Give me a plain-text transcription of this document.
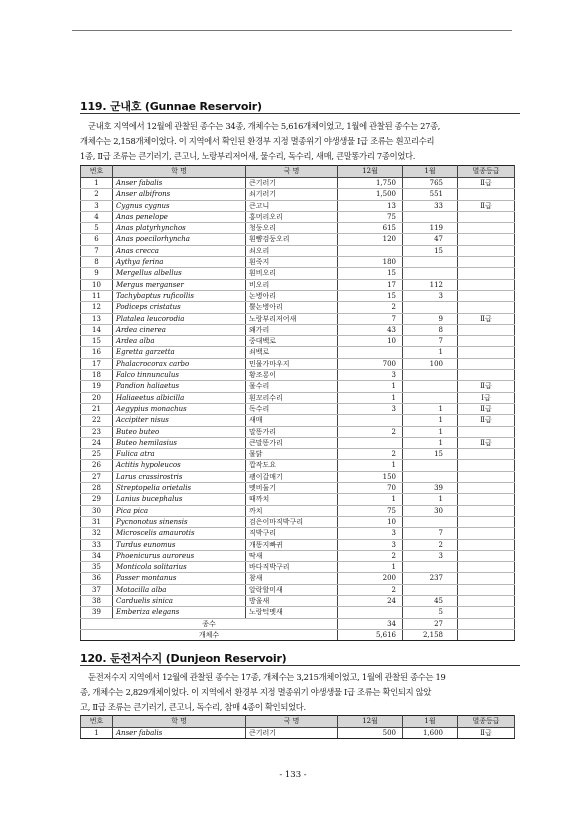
119. 군내호 (Gunnae Reservoir)
군내호 지역에서 12월에 관찰된 종수는 34종, 개체수는 5,616개체이었고, 1월에 관찰된 종수는 27종,
개체수는 2,158개체이었다. 이 지역에서 확인된 환경부 지정 멸종위기 야생생물 Ⅰ급 조류는 흰꼬리수리
1종, Ⅱ급 조류는 큰기러기, 큰고니, 노랑부리저어새, 물수리, 독수리, 새매, 큰말똥가리 7종이었다.
번호	학 명	국 명	12월	1월	멸종등급
1	Anser fabalis	큰기러기	1,750	765	Ⅱ급
2	Anser albifrons	쇠기러기	1,500	551	
3	Cygnus cygnus	큰고니	13	33	Ⅱ급
4	Anas penelope	홍머리오리	75		
5	Anas platyrhynchos	청둥오리	615	119	
6	Anas poecilorhyncha	흰뺨검둥오리	120	47	
7	Anas crecca	쇠오리		15	
8	Aythya ferina	흰죽지	180		
9	Mergellus albellus	흰비오리	15		
10	Mergus merganser	비오리	17	112	
11	Tachybaptus ruficollis	논병아리	15	3	
12	Podiceps cristatus	뿔논병아리	2		
13	Platalea leucorodia	노랑부리저어새	7	9	Ⅱ급
14	Ardea cinerea	왜가리	43	8	
15	Ardea alba	중대백로	10	7	
16	Egretta garzetta	쇠백로		1	
17	Phalacrocorax carbo	민물가마우지	700	100	
18	Falco tinnunculus	황조롱이	3		
19	Pandion haliaetus	물수리	1		Ⅱ급
20	Haliaeetus albicilla	흰꼬리수리	1		Ⅰ급
21	Aegypius monachus	독수리	3	1	Ⅱ급
22	Accipiter nisus	새매		1	Ⅱ급
23	Buteo buteo	말똥가리	2	1	
24	Buteo hemilasius	큰말똥가리		1	Ⅱ급
25	Fulica atra	물닭	2	15	
26	Actitis hypoleucos	깝작도요	1		
27	Larus crassirostris	괭이갈매기	150		
28	Streptopelia orietalis	멧비둘기	70	39	
29	Lanius bucephalus	때까치	1	1	
30	Pica pica	까치	75	30	
31	Pycnonotus sinensis	검은이마직박구리	10		
32	Microscelis amaurotis	직박구리	3	7	
33	Turdus eunomus	개똥지빠귀	3	2	
34	Phoenicurus auroreus	딱새	2	3	
35	Monticola solitarius	바다직박구리	1		
36	Passer montanus	참새	200	237	
37	Motacilla alba	알락할미새	2		
38	Carduelis sinica	방울새	24	45	
39	Emberiza elegans	노랑턱멧새		5	
종수			34	27	
개체수			5,616	2,158	
120. 둔전저수지 (Dunjeon Reservoir)
둔전저수지 지역에서 12월에 관찰된 종수는 17종, 개체수는 3,215개체이었고, 1월에 관찰된 종수는 19
종, 개체수는 2,829개체이었다. 이 지역에서 환경부 지정 멸종위기 야생생물 Ⅰ급 조류는 확인되지 않았
고, Ⅱ급 조류는 큰기러기, 큰고니, 독수리, 참매 4종이 확인되었다.
번호	학 명	국 명	12월	1월	멸종등급
1	Anser fabalis	큰기러기	500	1,600	Ⅱ급
- 133 -
